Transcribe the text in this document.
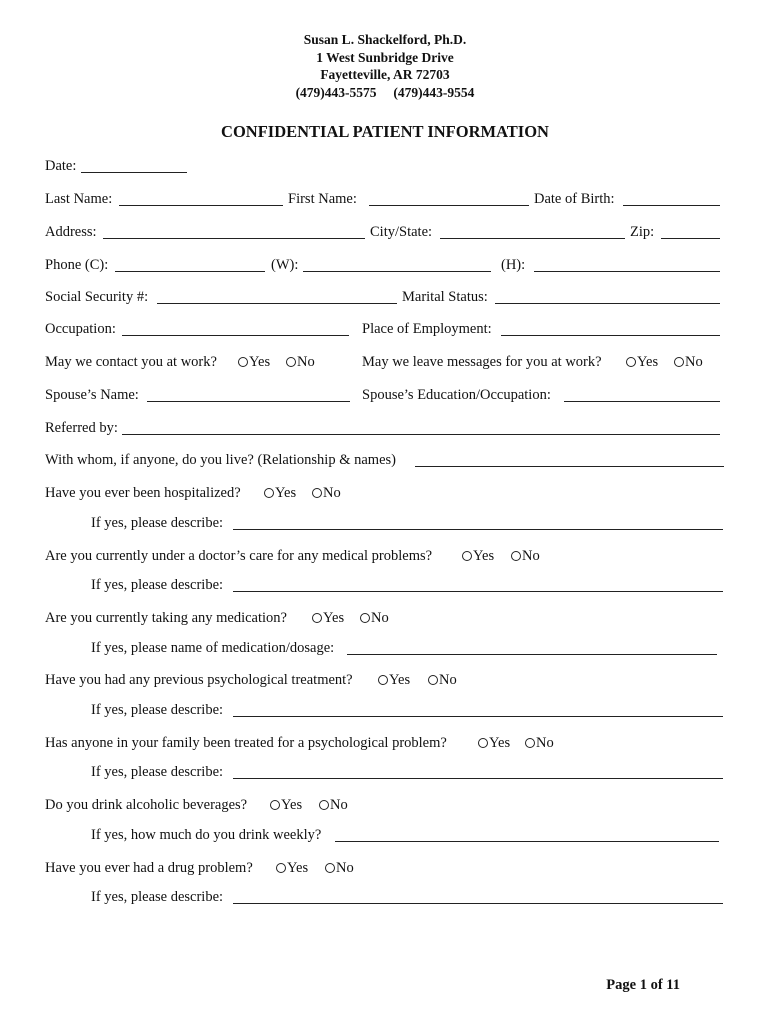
Susan L. Shackelford, Ph.D.
1 West Sunbridge Drive
Fayetteville, AR 72703
(479)443-5575     (479)443-9554
CONFIDENTIAL PATIENT INFORMATION
Date:
Last Name:	First Name:	Date of Birth:
Address:	City/State:	Zip:
Phone (C):	(W):	(H):
Social Security #:	Marital Status:
Occupation:	Place of Employment:
May we contact you at work?	Yes	No	May we leave messages for you at work?	Yes	No
Spouse’s Name:	Spouse’s Education/Occupation:
Referred by:
With whom, if anyone, do you live? (Relationship & names)
Have you ever been hospitalized?	Yes	No
If yes, please describe:
Are you currently under a doctor’s care for any medical problems?	Yes	No
If yes, please describe:
Are you currently taking any medication?	Yes	No
If yes, please name of medication/dosage:
Have you had any previous psychological treatment?	Yes	No
If yes, please describe:
Has anyone in your family been treated for a psychological problem?	Yes	No
If yes, please describe:
Do you drink alcoholic beverages?	Yes	No
If yes, how much do you drink weekly?
Have you ever had a drug problem?	Yes	No
If yes, please describe:
Page 1 of 11
